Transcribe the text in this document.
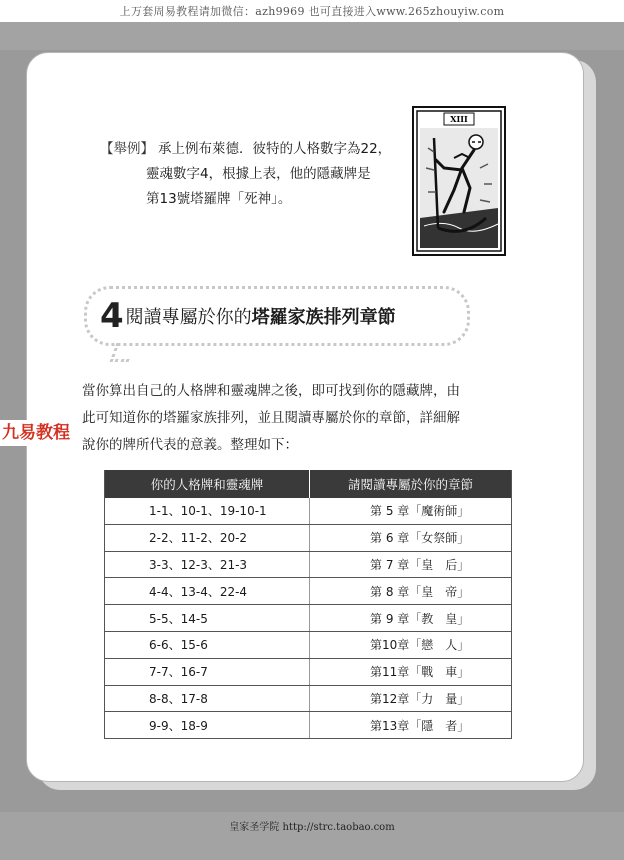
上万套周易教程请加微信：azh9969 也可直接进入www.265zhouyiw.com
九易教程
【舉例】 承上例布萊德．彼特的人格數字為22，
靈魂數字4，根據上表，他的隱藏牌是
第13號塔羅牌「死神」。
XIII
4 閱讀專屬於你的塔羅家族排列章節
當你算出自己的人格牌和靈魂牌之後，即可找到你的隱藏牌，由
此可知道你的塔羅家族排列，並且閱讀專屬於你的章節，詳細解
說你的牌所代表的意義。整理如下：
你的人格牌和靈魂牌	請閱讀專屬於你的章節
1-1、10-1、19-10-1	第 5 章「魔術師」
2-2、11-2、20-2	第 6 章「女祭師」
3-3、12-3、21-3	第 7 章「皇　后」
4-4、13-4、22-4	第 8 章「皇　帝」
5-5、14-5	第 9 章「教　皇」
6-6、15-6	第10章「戀　人」
7-7、16-7	第11章「戰　車」
8-8、17-8	第12章「力　量」
9-9、18-9	第13章「隱　者」
皇家圣学院 http://strc.taobao.com
